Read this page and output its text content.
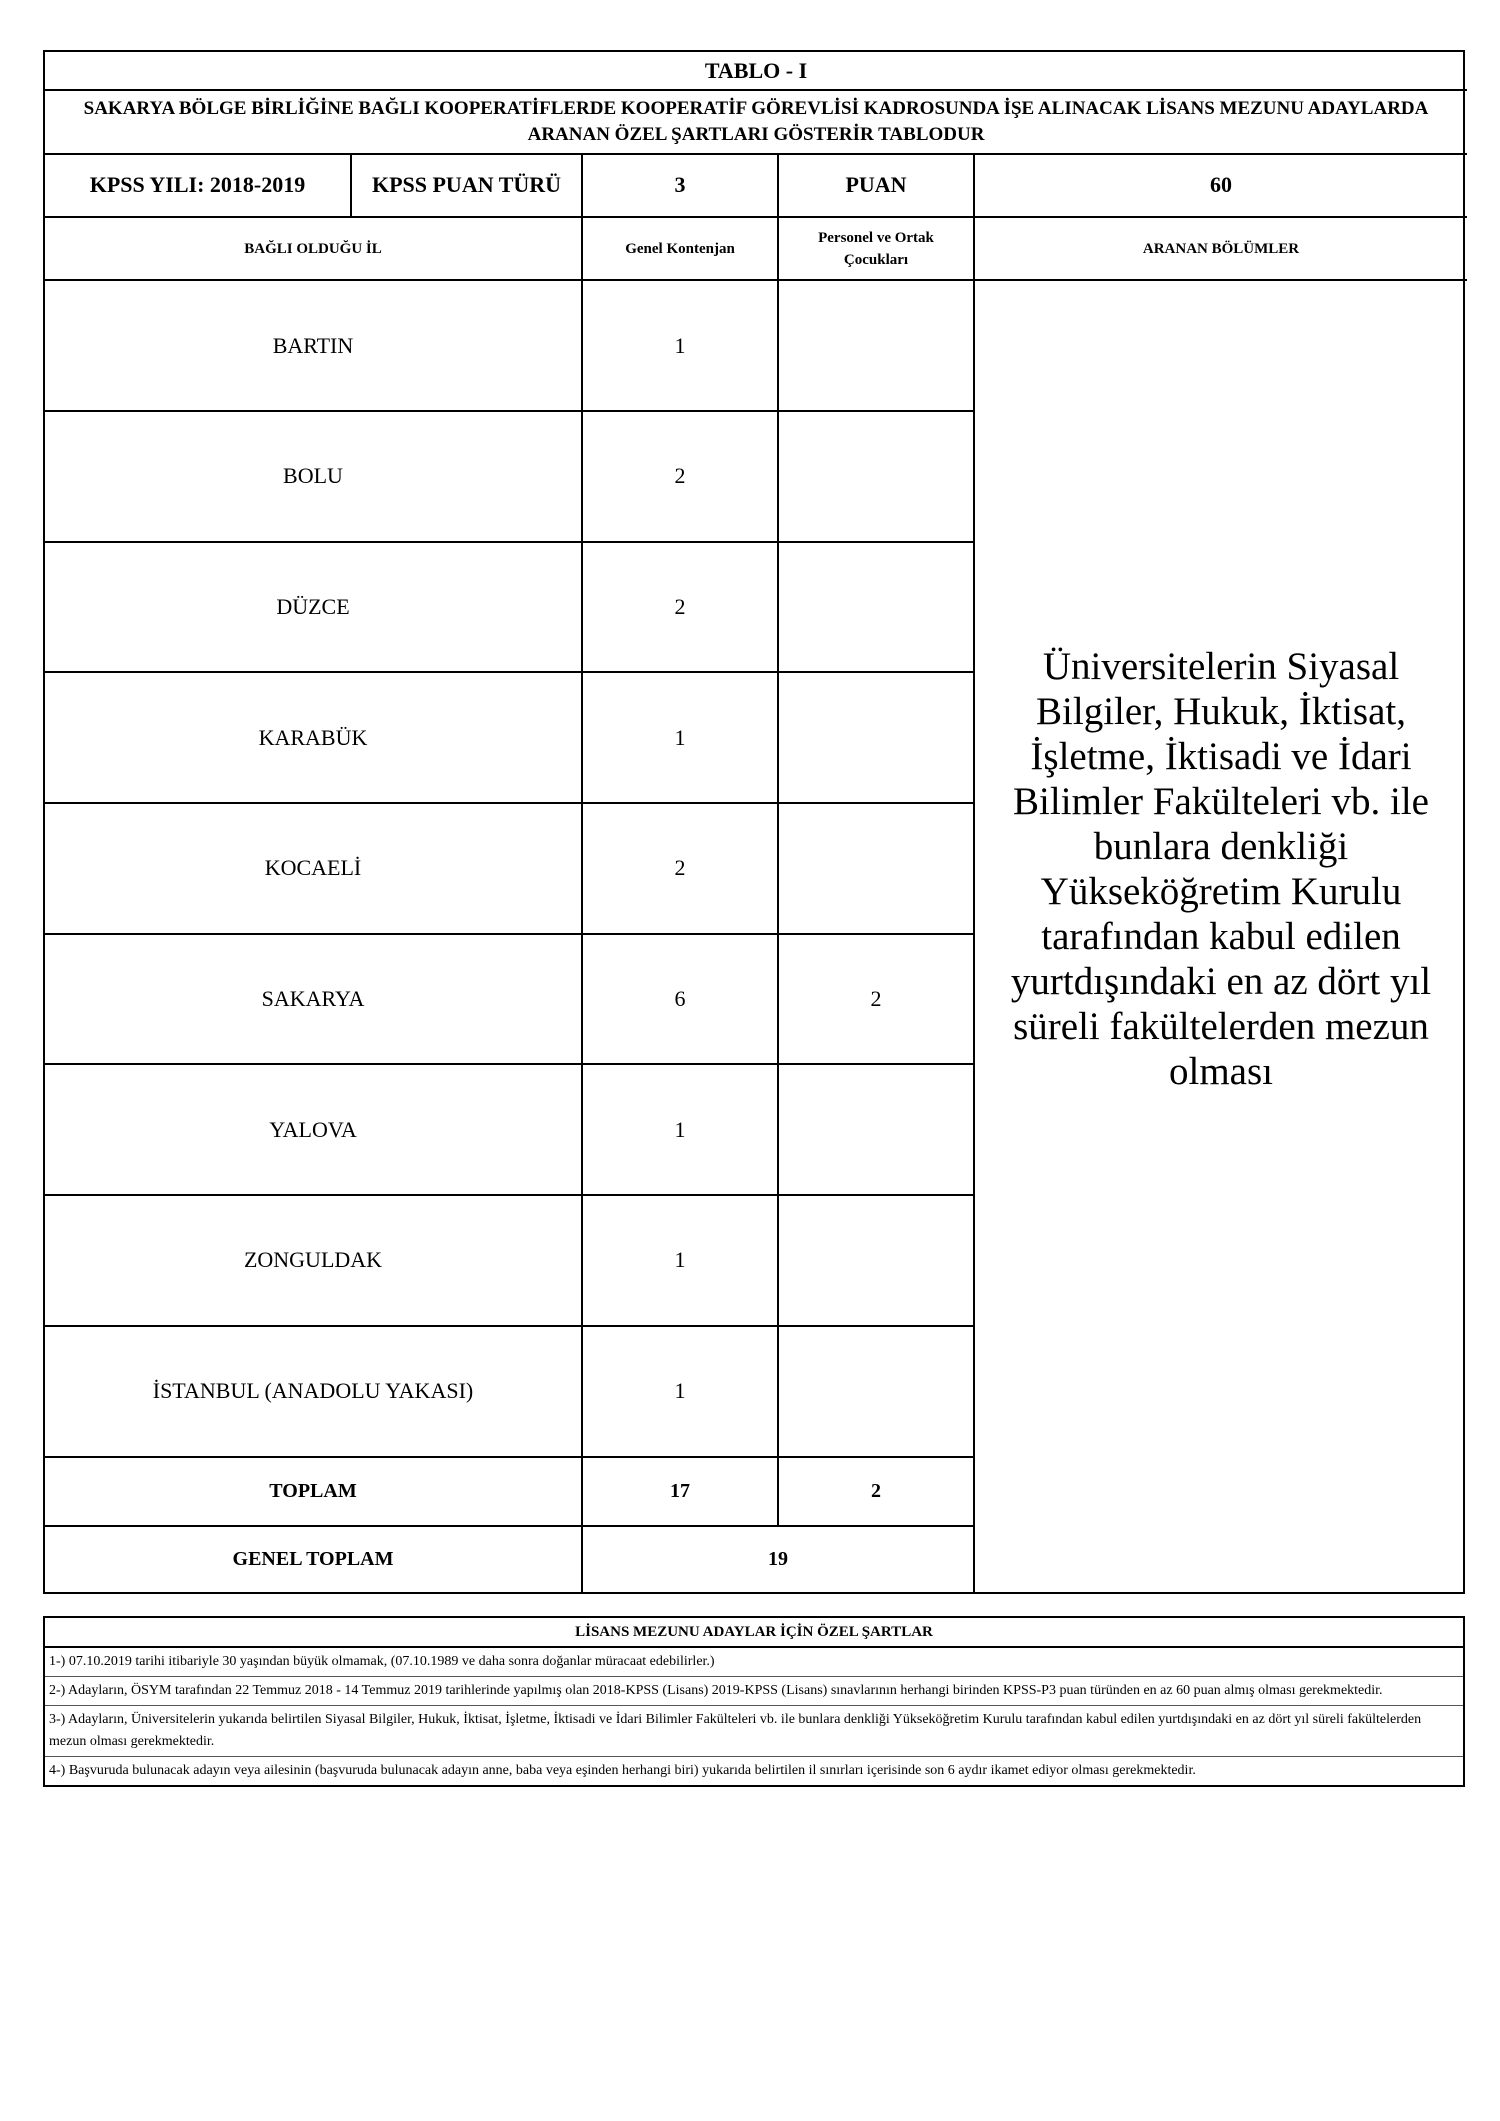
TABLO - I			
SAKARYA BÖLGE BİRLİĞİNE BAĞLI KOOPERATİFLERDE KOOPERATİF GÖREVLİSİ KADROSUNDA İŞE ALINACAK LİSANS MEZUNU ADAYLARDA ARANAN ÖZEL ŞARTLARI GÖSTERİR TABLODUR			

KPSS YILI: 2018-2019 KPSS PUAN TÜRÜ	3	PUAN	60
BAĞLI OLDUĞU İL	Genel Kontenjan	Personel ve Ortak Çocukları	ARANAN BÖLÜMLER
BARTIN	1		Üniversitelerin Siyasal Bilgiler, Hukuk, İktisat, İşletme, İktisadi ve İdari Bilimler Fakülteleri vb. ile bunlara denkliği Yükseköğretim Kurulu tarafından kabul edilen yurtdışındaki en az dört yıl süreli fakültelerden mezun olması
BOLU	2		
DÜZCE	2		
KARABÜK	1		
KOCAELİ	2		
SAKARYA	6	2	
YALOVA	1		
ZONGULDAK	1		
İSTANBUL (ANADOLU YAKASI)	1		
TOPLAM	17	2	
GENEL TOPLAM	19		
LİSANS MEZUNU ADAYLAR İÇİN ÖZEL ŞARTLAR
1-) 07.10.2019 tarihi itibariyle 30 yaşından büyük olmamak, (07.10.1989 ve daha sonra doğanlar müracaat edebilirler.)
2-) Adayların, ÖSYM tarafından 22 Temmuz 2018 - 14 Temmuz 2019 tarihlerinde yapılmış olan 2018-KPSS (Lisans) 2019-KPSS (Lisans) sınavlarının herhangi birinden KPSS-P3 puan türünden en az 60 puan almış olması gerekmektedir.
3-) Adayların, Üniversitelerin yukarıda belirtilen Siyasal Bilgiler, Hukuk, İktisat, İşletme, İktisadi ve İdari Bilimler Fakülteleri vb. ile bunlara denkliği Yükseköğretim Kurulu tarafından kabul edilen yurtdışındaki en az dört yıl süreli fakültelerden mezun olması gerekmektedir.
4-) Başvuruda bulunacak adayın veya ailesinin (başvuruda bulunacak adayın anne, baba veya eşinden herhangi biri) yukarıda belirtilen il sınırları içerisinde son 6 aydır ikamet ediyor olması gerekmektedir.
